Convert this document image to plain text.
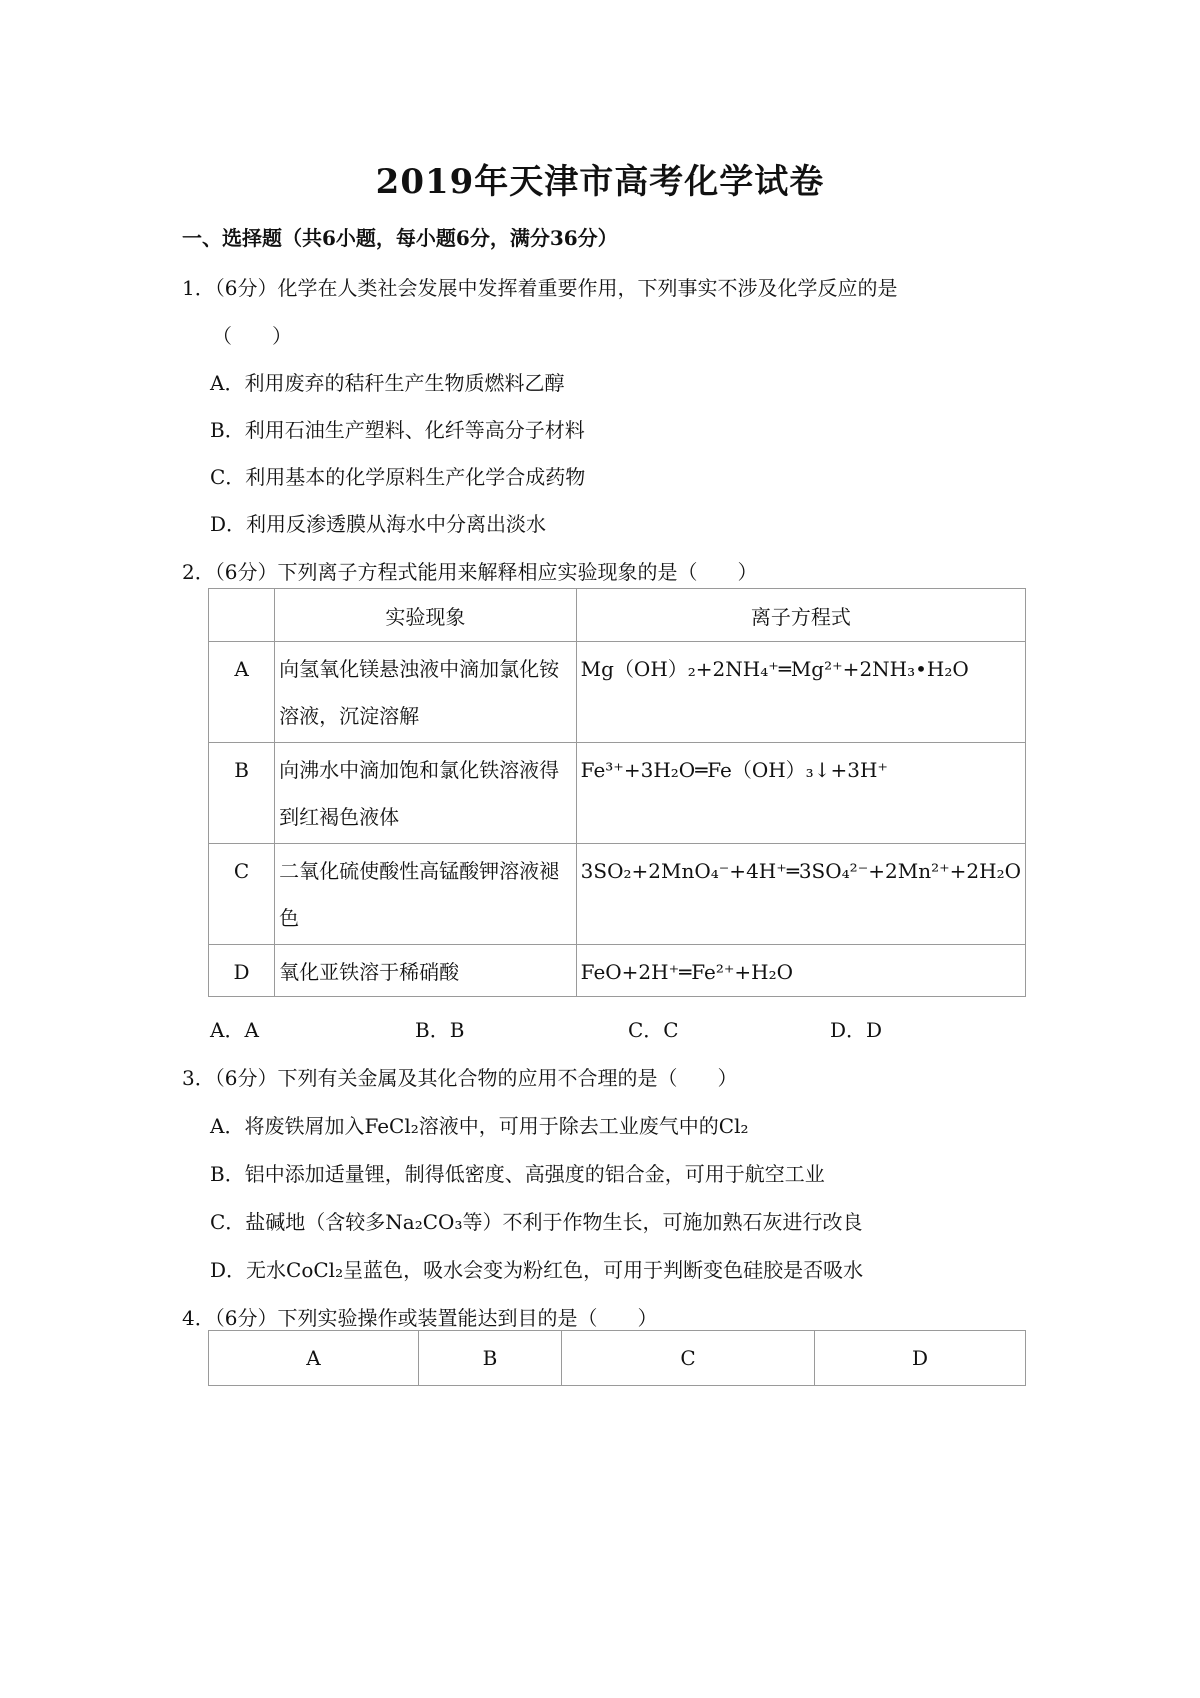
2019年天津市高考化学试卷
一、选择题（共6小题，每小题6分，满分36分）
1．（6分）化学在人类社会发展中发挥着重要作用，下列事实不涉及化学反应的是
（　　）
A．利用废弃的秸秆生产生物质燃料乙醇
B．利用石油生产塑料、化纤等高分子材料
C．利用基本的化学原料生产化学合成药物
D．利用反渗透膜从海水中分离出淡水
2．（6分）下列离子方程式能用来解释相应实验现象的是（　　）
	实验现象	离子方程式

A	向氢氧化镁悬浊液中滴加氯化铵
溶液，沉淀溶解	Mg（OH）₂+2NH₄⁺═Mg²⁺+2NH₃•H₂O

B	向沸水中滴加饱和氯化铁溶液得
到红褐色液体	Fe³⁺+3H₂O═Fe（OH）₃↓+3H⁺

C	二氧化硫使酸性高锰酸钾溶液褪
色	3SO₂+2MnO₄⁻+4H⁺═3SO₄²⁻+2Mn²⁺+2H₂O

D	氧化亚铁溶于稀硝酸	FeO+2H⁺═Fe²⁺+H₂O
A．A	B．B	C．C	D．D
3．（6分）下列有关金属及其化合物的应用不合理的是（　　）
A．将废铁屑加入FeCl₂溶液中，可用于除去工业废气中的Cl₂
B．铝中添加适量锂，制得低密度、高强度的铝合金，可用于航空工业
C．盐碱地（含较多Na₂CO₃等）不利于作物生长，可施加熟石灰进行改良
D．无水CoCl₂呈蓝色，吸水会变为粉红色，可用于判断变色硅胶是否吸水
4．（6分）下列实验操作或装置能达到目的是（　　）
A	B	C	D
